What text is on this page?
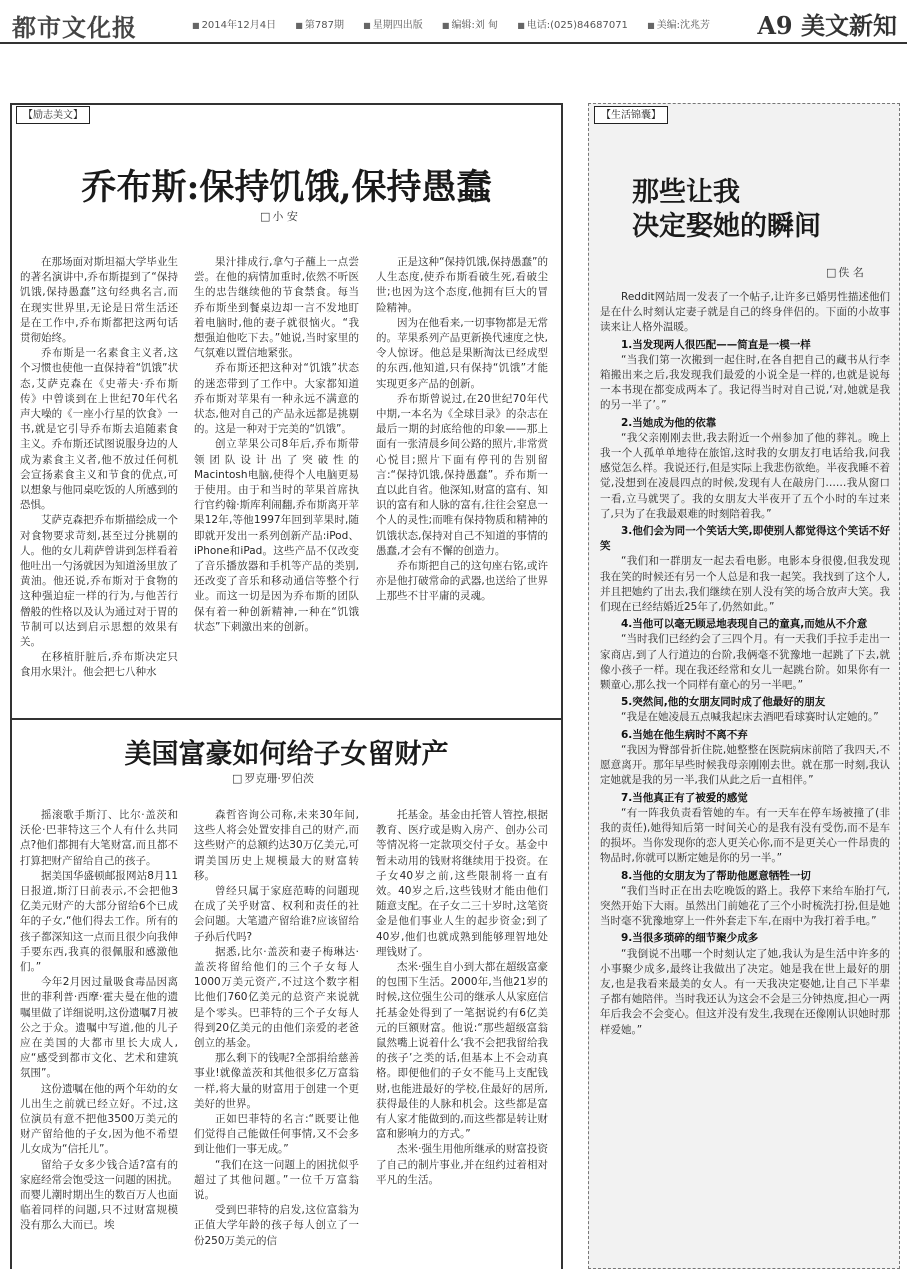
都市文化报	■ 2014年12月4日	■ 第787期	■ 星期四出版	■ 编辑:刘 甸	■ 电话:(025)84687071	■ 美编:沈兆芳	A9 美文新知
【励志美文】
乔布斯:保持饥饿,保持愚蠢
□ 小 安

在那场面对斯坦福大学毕业生的著名演讲中,乔布斯提到了“保持饥饿,保持愚蠢”这句经典名言,而在现实世界里,无论是日常生活还是在工作中,乔布斯都把这两句话贯彻始终。

乔布斯是一名素食主义者,这个习惯也使他一直保持着“饥饿”状态,艾萨克森在《史蒂夫·乔布斯传》中曾谈到在上世纪70年代名声大噪的《一座小行星的饮食》一书,就是它引导乔布斯去追随素食主义。乔布斯还试图说服身边的人成为素食主义者,他不放过任何机会宣扬素食主义和节食的优点,可以想象与他同桌吃饭的人所感到的恐惧。

艾萨克森把乔布斯描绘成一个对食物要求苛刻,甚至过分挑剔的人。他的女儿莉萨曾讲到怎样看着他吐出一勺汤就因为知道汤里放了黄油。他还说,乔布斯对于食物的这种强迫症一样的行为,与他苦行僧般的性格以及认为通过对于胃的节制可以达到启示思想的效果有关。

在移植肝脏后,乔布斯决定只食用水果汁。他会把七八种水

果汁排成行,拿勺子蘸上一点尝尝。在他的病情加重时,依然不听医生的忠告继续他的节食禁食。每当乔布斯坐到餐桌边却一言不发地盯着电脑时,他的妻子就很恼火。“我想强迫他吃下去。”她说,当时家里的气氛难以置信地紧张。

乔布斯还把这种对“饥饿”状态的迷恋带到了工作中。大家都知道乔布斯对苹果有一种永远不满意的状态,他对自己的产品永远都是挑剔的。这是一种对于完美的“饥饿”。

创立苹果公司8年后,乔布斯带领团队设计出了突破性的Macintosh电脑,使得个人电脑更易于使用。由于和当时的苹果首席执行官约翰·斯库利闹翻,乔布斯离开苹果12年,等他1997年回到苹果时,随即就开发出一系列创新产品:iPod、iPhone和iPad。这些产品不仅改变了音乐播放器和手机等产品的类别,还改变了音乐和移动通信等整个行业。而这一切是因为乔布斯的团队保有着一种创新精神,一种在“饥饿状态”下刺激出来的创新。

正是这种“保持饥饿,保持愚蠢”的人生态度,使乔布斯看破生死,看破尘世;也因为这个态度,他拥有巨大的冒险精神。

因为在他看来,一切事物都是无常的。苹果系列产品更新换代速度之快,令人惊讶。他总是果断淘汰已经成型的东西,他知道,只有保持“饥饿”才能实现更多产品的创新。

乔布斯曾说过,在20世纪70年代中期,一本名为《全球目录》的杂志在最后一期的封底给他的印象——那上面有一张清晨乡间公路的照片,非常赏心悦目;照片下面有停刊的告别留言:“保持饥饿,保持愚蠢”。乔布斯一直以此自省。他深知,财富的富有、知识的富有和人脉的富有,往往会窒息一个人的灵性;而唯有保持物质和精神的饥饿状态,保持对自己不知道的事情的愚蠢,才会有不懈的创造力。

乔布斯把自己的这句座右铭,或许亦是他打破常命的武器,也送给了世界上那些不甘平庸的灵魂。

美国富豪如何给子女留财产
□ 罗克珊·罗伯茨

摇滚歌手斯汀、比尔·盖茨和沃伦·巴菲特这三个人有什么共同点?他们都拥有大笔财富,而且都不打算把财产留给自己的孩子。

据美国华盛顿邮报网站8月11日报道,斯汀日前表示,不会把他3亿美元财产的大部分留给6个已成年的子女,“他们得去工作。所有的孩子都深知这一点而且很少向我伸手要东西,我真的很佩服和感激他们。”

今年2月因过量吸食毒品因离世的菲利普·西摩·霍夫曼在他的遗嘱里做了详细说明,这份遗嘱7月被公之于众。遗嘱中写道,他的儿子应在美国的大都市里长大成人,应“感受到都市文化、艺术和建筑氛围”。

这份遗嘱在他的两个年幼的女儿出生之前就已经立好。不过,这位演员有意不把他3500万美元的财产留给他的子女,因为他不希望儿女成为“信托儿”。

留给子女多少钱合适?富有的家庭经常会饱受这一问题的困扰。而婴儿潮时期出生的数百万人也面临着同样的问题,只不过财富规模没有那么大而已。埃

森哲咨询公司称,未来30年间,这些人将会处置安排自己的财产,而这些财产的总额约达30万亿美元,可谓美国历史上规模最大的财富转移。

曾经只属于家庭范畴的问题现在成了关乎财富、权利和责任的社会问题。大笔遗产留给谁?应该留给子孙后代吗?

据悉,比尔·盖茨和妻子梅琳达·盖茨将留给他们的三个子女每人1000万美元资产,不过这个数字相比他们760亿美元的总资产来说就是个零头。巴菲特的三个子女每人得到20亿美元的由他们亲爱的老爸创立的基金。

那么剩下的钱呢?全部捐给慈善事业!就像盖茨和其他很多亿万富翁一样,将大量的财富用于创建一个更美好的世界。

正如巴菲特的名言:“既要让他们觉得自己能做任何事情,又不会多到让他们一事无成。”

“我们在这一问题上的困扰似乎超过了其他问题。”一位千万富翁说。

受到巴菲特的启发,这位富翁为正值大学年龄的孩子每人创立了一份250万美元的信

托基金。基金由托管人管控,根据教育、医疗或是购入房产、创办公司等情况将一定款项交付子女。基金中暂未动用的钱财将继续用于投资。在子女40岁之前,这些限制将一直有效。40岁之后,这些钱财才能由他们随意支配。在子女二三十岁时,这笔资金是他们事业人生的起步资金;到了40岁,他们也就成熟到能够理智地处理钱财了。

杰米·强生自小到大都在超级富豪的包围下生活。2000年,当他21岁的时候,这位强生公司的继承人从家庭信托基金处得到了一笔据说约有6亿美元的巨额财富。他说:“那些超级富翁鼠然嘴上说着什么‘我不会把我留给我的孩子’之类的话,但基本上不会动真格。即便他们的子女不能马上支配钱财,也能进最好的学校,住最好的居所,获得最佳的人脉和机会。这些都是富有人家才能做到的,而这些都是转让财富和影响力的方式。”

杰米·强生用他所继承的财富投资了自己的制片事业,并在纽约过着相对平凡的生活。

【生活锦囊】
那些让我
决定娶她的瞬间
□ 佚 名

Reddit网站周一发表了一个帖子,让许多已婚男性描述他们是在什么时刻认定妻子就是自己的终身伴侣的。下面的小故事读来让人格外温暖。

1.当发现两人很匹配——简直是一模一样

“当我们第一次搬到一起住时,在各自把自己的藏书从行李箱搬出来之后,我发现我们最爱的小说全是一样的,也就是说每一本书现在都变成两本了。我记得当时对自己说,‘对,她就是我的另一半了’。”

2.当她成为他的依靠

“我父亲刚刚去世,我去附近一个州参加了他的葬礼。晚上我一个人孤单单地待在旅馆,这时我的女朋友打电话给我,问我感觉怎么样。我说还行,但是实际上我悲伤欲绝。半夜我睡不着觉,没想到在凌晨四点的时候,发现有人在敲房门……我从窗口一看,立马就哭了。我的女朋友大半夜开了五个小时的车过来了,只为了在我最艰难的时刻陪着我。”

3.他们会为同一个笑话大笑,即使别人都觉得这个笑话不好笑

“我们和一群朋友一起去看电影。电影本身很傻,但我发现我在笑的时候还有另一个人总是和我一起笑。我找到了这个人,并且把她约了出去,我们继续在别人没有笑的场合放声大笑。我们现在已经结婚近25年了,仍然如此。”

4.当他可以毫无顾忌地表现自己的童真,而她从不介意

“当时我们已经约会了三四个月。有一天我们手拉手走出一家商店,到了人行道边的台阶,我俩毫不犹豫地一起跳了下去,就像小孩子一样。现在我还经常和女儿一起跳台阶。如果你有一颗童心,那么找一个同样有童心的另一半吧。”

5.突然间,他的女朋友同时成了他最好的朋友

“我是在她凌晨五点喊我起床去酒吧看球赛时认定她的。”

6.当她在他生病时不离不弃

“我因为臀部骨折住院,她整整在医院病床前陪了我四天,不愿意离开。那年早些时候我母亲刚刚去世。就在那一时刻,我认定她就是我的另一半,我们从此之后一直相伴。”

7.当他真正有了被爱的感觉

“有一阵我负责看管她的车。有一天车在停车场被撞了(非我的责任),她得知后第一时间关心的是我有没有受伤,而不是车的损坏。当你发现你的恋人更关心你,而不是更关心一件昂贵的物品时,你就可以断定她是你的另一半。”

8.当他的女朋友为了帮助他愿意牺牲一切

“我们当时正在出去吃晚饭的路上。我停下来给车胎打气,突然开始下大雨。虽然出门前她花了三个小时梳洗打扮,但是她当时毫不犹豫地穿上一件外套走下车,在雨中为我打着手电。”

9.当很多琐碎的细节聚少成多

“我倒说不出哪一个时刻认定了她,我认为是生活中许多的小事聚少成多,最终让我做出了决定。她是我在世上最好的朋友,也是我看来最美的女人。有一天我决定娶她,让自己下半辈子都有她陪伴。当时我还认为这会不会是三分钟热度,担心一两年后我会不会变心。但这并没有发生,我现在还像刚认识她时那样爱她。”
